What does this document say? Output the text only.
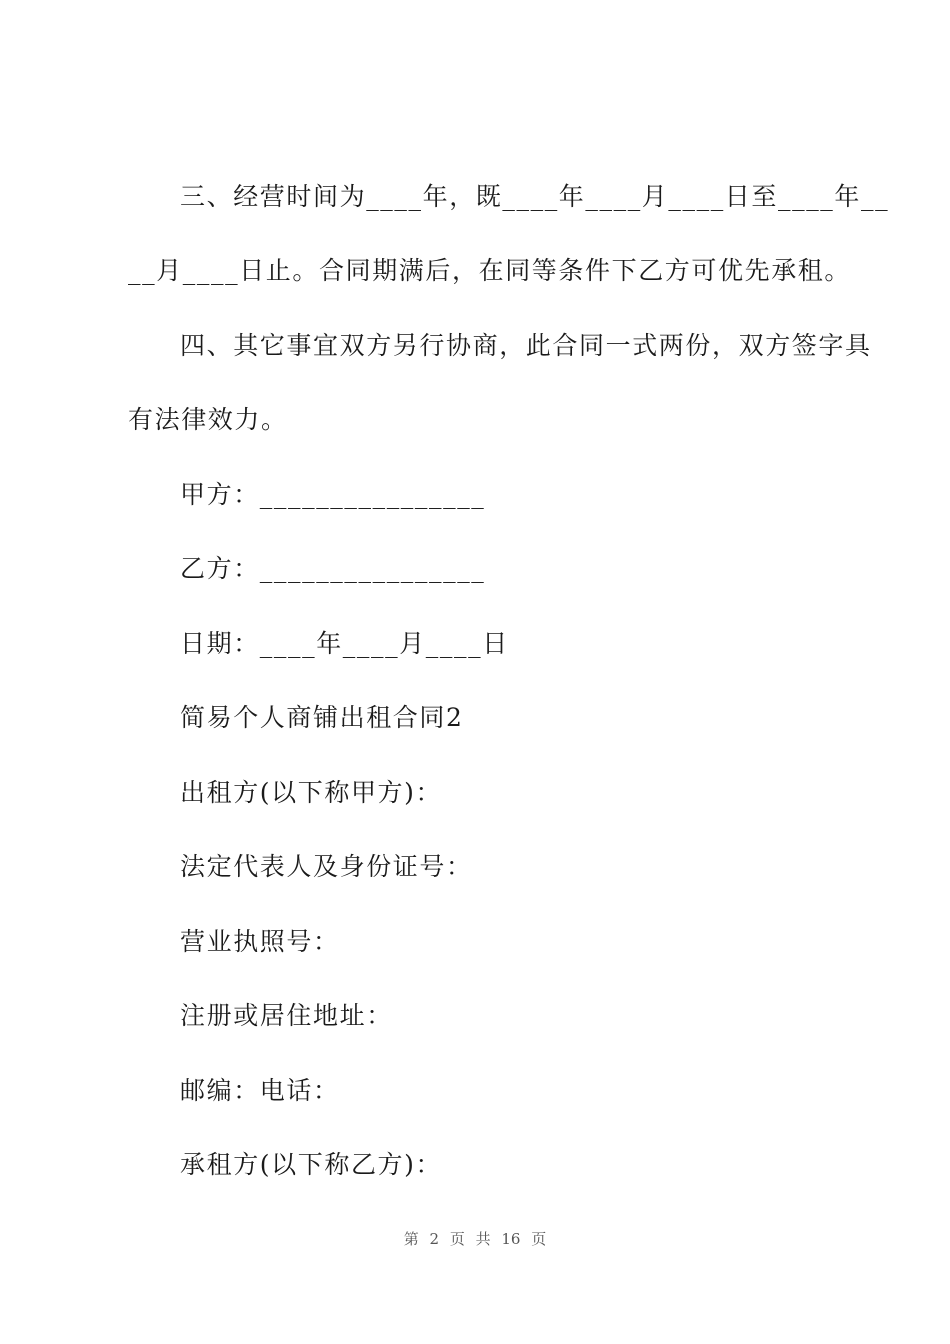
三、经营时间为____年，既____年____月____日至____年__
__月____日止。合同期满后，在同等条件下乙方可优先承租。
四、其它事宜双方另行协商，此合同一式两份，双方签字具
有法律效力。
甲方：________________
乙方：________________
日期：____年____月____日
简易个人商铺出租合同2
出租方(以下称甲方)：
法定代表人及身份证号：
营业执照号：
注册或居住地址：
邮编：电话：
承租方(以下称乙方)：
第 2 页 共 16 页
